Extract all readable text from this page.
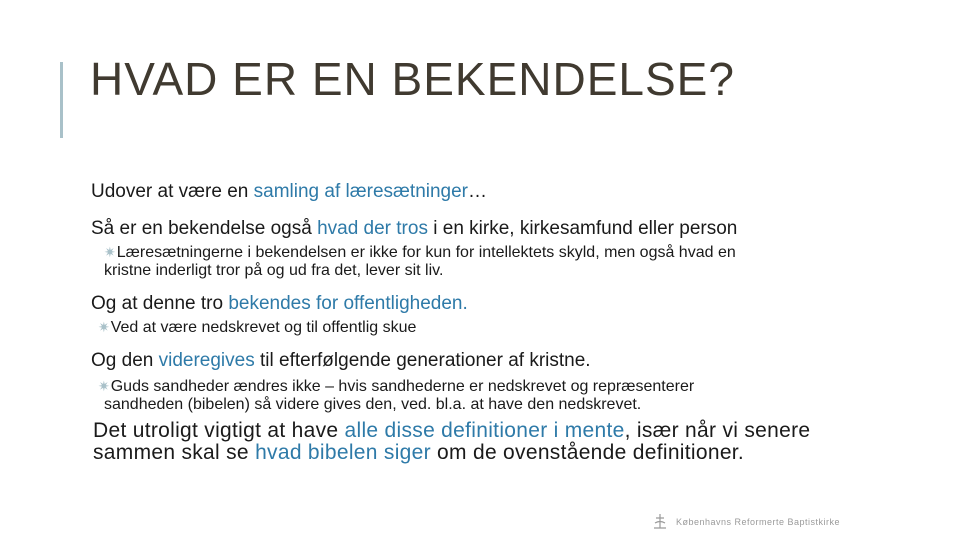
HVAD ER EN BEKENDELSE?
Udover at være en samling af læresætninger…
Så er en bekendelse også hvad der tros i en kirke, kirkesamfund eller person
✷Læresætningerne i bekendelsen er ikke for kun for intellektets skyld, men også hvad en
kristne inderligt tror på og ud fra det, lever sit liv.
Og at denne tro bekendes for offentligheden.
✷Ved at være nedskrevet og til offentlig skue
Og den videregives til efterfølgende generationer af kristne.
✷Guds sandheder ændres ikke – hvis sandhederne er nedskrevet og repræsenterer
sandheden (bibelen) så videre gives den, ved. bl.a. at have den nedskrevet.
Det utroligt vigtigt at have alle disse definitioner i mente, især når vi senere sammen skal se hvad bibelen siger om de ovenstående definitioner.
Københavns Reformerte Baptistkirke
